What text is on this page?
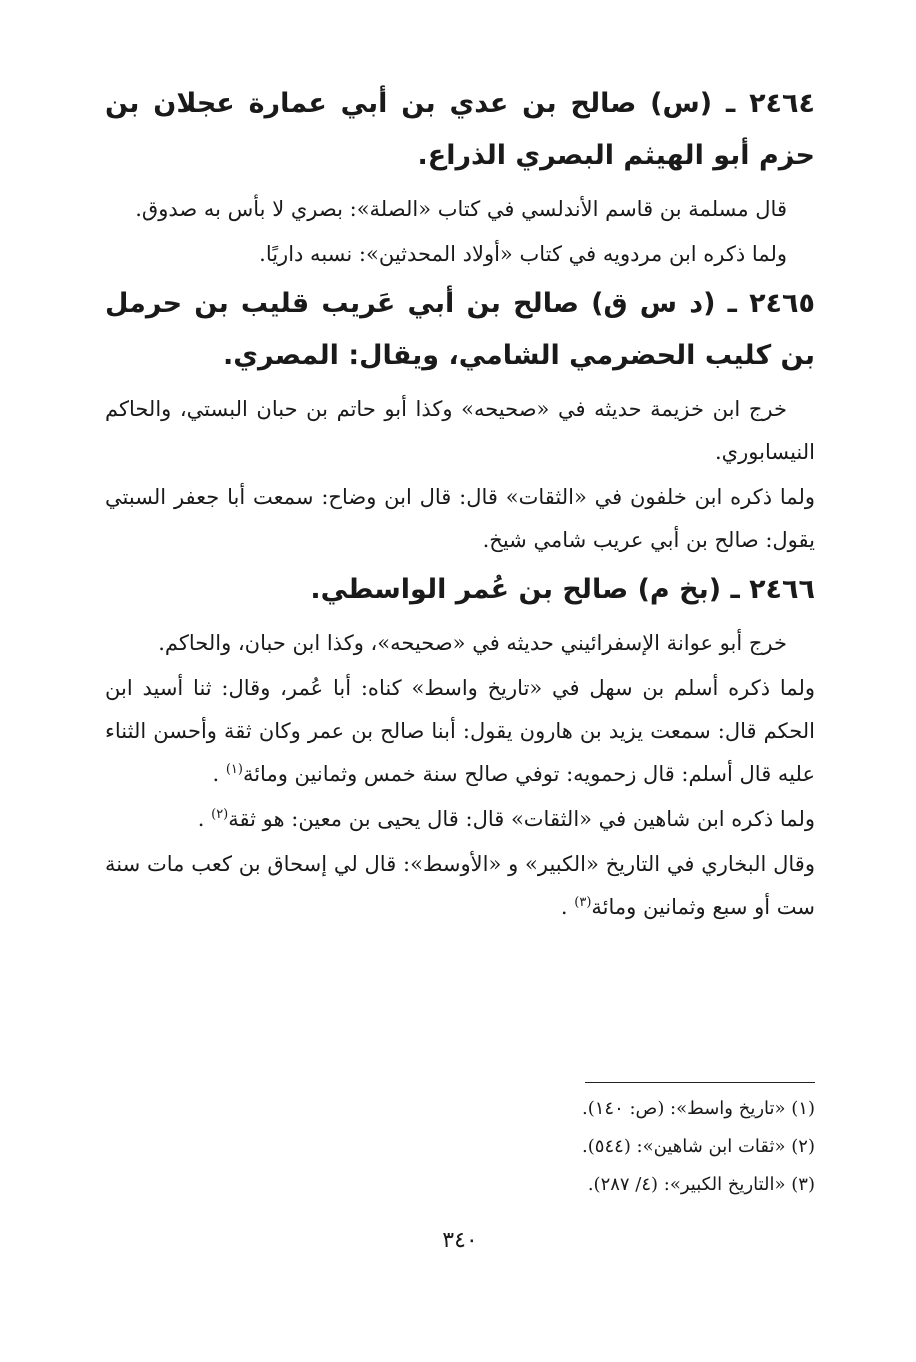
٢٤٦٤ ـ (س) صالح بن عدي بن أبي عمارة عجلان بن حزم أبو الهيثم البصري الذراع.

قال مسلمة بن قاسم الأندلسي في كتاب «الصلة»: بصري لا بأس به صدوق.

ولما ذكره ابن مردويه في كتاب «أولاد المحدثين»: نسبه داريًا.

٢٤٦٥ ـ (د س ق) صالح بن أبي عَريب قليب بن حرمل بن كليب الحضرمي الشامي، ويقال: المصري.

خرج ابن خزيمة حديثه في «صحيحه» وكذا أبو حاتم بن حبان البستي، والحاكم النيسابوري.

ولما ذكره ابن خلفون في «الثقات» قال: قال ابن وضاح: سمعت أبا جعفر السبتي يقول: صالح بن أبي عريب شامي شيخ.

٢٤٦٦ ـ (بخ م) صالح بن عُمر الواسطي.

خرج أبو عوانة الإسفرائيني حديثه في «صحيحه»، وكذا ابن حبان، والحاكم.

ولما ذكره أسلم بن سهل في «تاريخ واسط» كناه: أبا عُمر، وقال: ثنا أسيد ابن الحكم قال: سمعت يزيد بن هارون يقول: أبنا صالح بن عمر وكان ثقة وأحسن الثناء عليه قال أسلم: قال زحمويه: توفي صالح سنة خمس وثمانين ومائة$^{(١)}$ .

ولما ذكره ابن شاهين في «الثقات» قال: قال يحيى بن معين: هو ثقة$^{(٢)}$ .

وقال البخاري في التاريخ «الكبير» و «الأوسط»: قال لي إسحاق بن كعب مات سنة ست أو سبع وثمانين ومائة$^{(٣)}$ .

(١) «تاريخ واسط»: (ص: ١٤٠).

(٢) «ثقات ابن شاهين»: (٥٤٤).

(٣) «التاريخ الكبير»: (٤/ ٢٨٧).

٣٤٠
